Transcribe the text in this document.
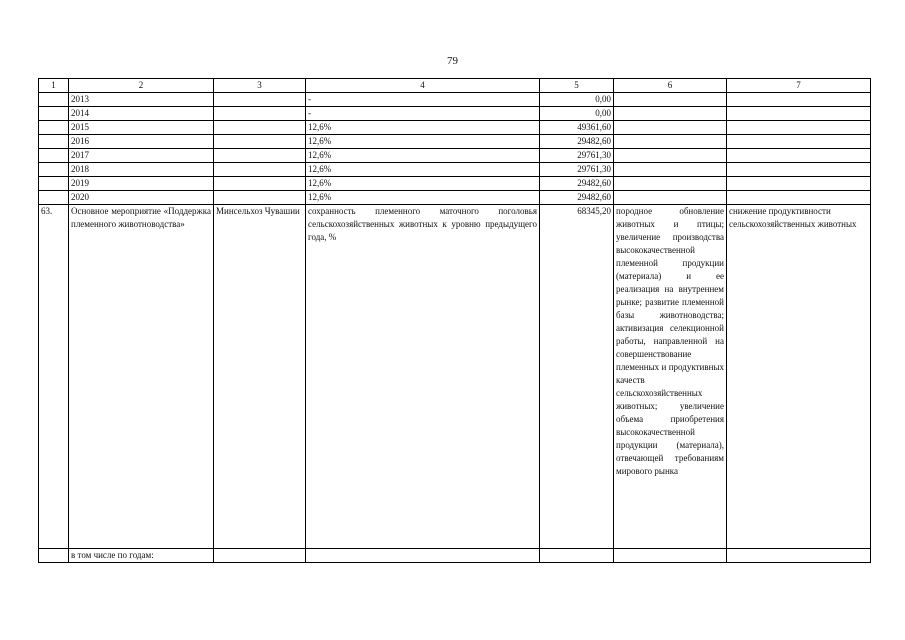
79
1	2	3	4	5	6	7
	2013		-	0,00		
	2014		-	0,00		
	2015		12,6%	49361,60		
	2016		12,6%	29482,60		
	2017		12,6%	29761,30		
	2018		12,6%	29761,30		
	2019		12,6%	29482,60		
	2020		12,6%	29482,60		
63.	Основное мероприятие «Поддержка племенного животноводства»	Минсельхоз Чувашии	сохранность племенного маточного поголовья сельскохозяйственных животных к уровню предыдущего года, %	68345,20	породное обновление животных и птицы; увеличение производства высококачественной племенной продукции (материала) и ее реализация на внутреннем рынке; развитие племенной базы животноводства; активизация селекционной работы, направленной на совершенствование племенных и продуктивных качеств сельскохозяйственных животных; увеличение объема приобретения высококачественной продукции (материала), отвечающей требованиям мирового рынка	снижение продуктивности сельскохозяйственных животных
	в том числе по годам:					
